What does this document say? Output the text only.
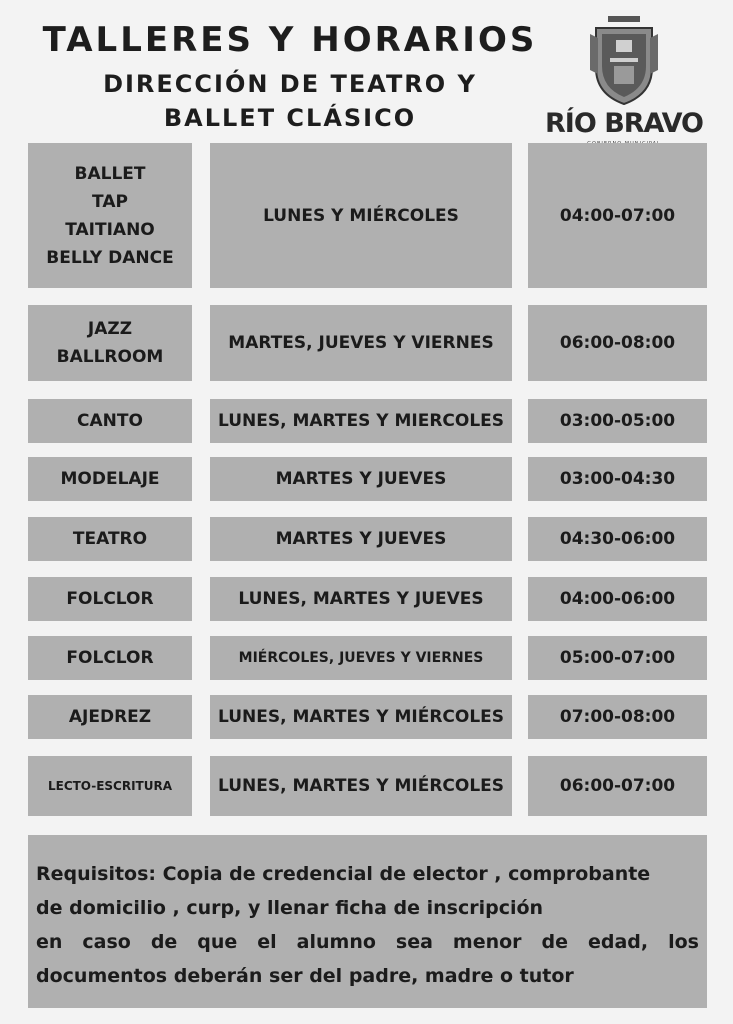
TALLERES Y HORARIOS
DIRECCIÓN DE TEATRO Y
BALLET CLÁSICO	RÍO BRAVO
BALLET
TAP
TAITIANO
BELLY DANCE
LUNES Y MIÉRCOLES	04:00-07:00
JAZZ
BALLROOM
MARTES, JUEVES Y VIERNES	06:00-08:00
CANTO	LUNES, MARTES Y MIERCOLES	03:00-05:00
MODELAJE	MARTES Y JUEVES	03:00-04:30
TEATRO	MARTES Y JUEVES	04:30-06:00
FOLCLOR	LUNES, MARTES Y JUEVES	04:00-06:00
FOLCLOR	MIÉRCOLES, JUEVES Y VIERNES	05:00-07:00
AJEDREZ	LUNES, MARTES Y MIÉRCOLES	07:00-08:00
LECTO-ESCRITURA	LUNES, MARTES Y MIÉRCOLES	06:00-07:00
Requisitos: Copia de credencial de elector , comprobante
de domicilio , curp, y llenar ficha de inscripción
en caso de que el alumno sea menor de edad, los
documentos deberán ser del padre, madre o tutor
